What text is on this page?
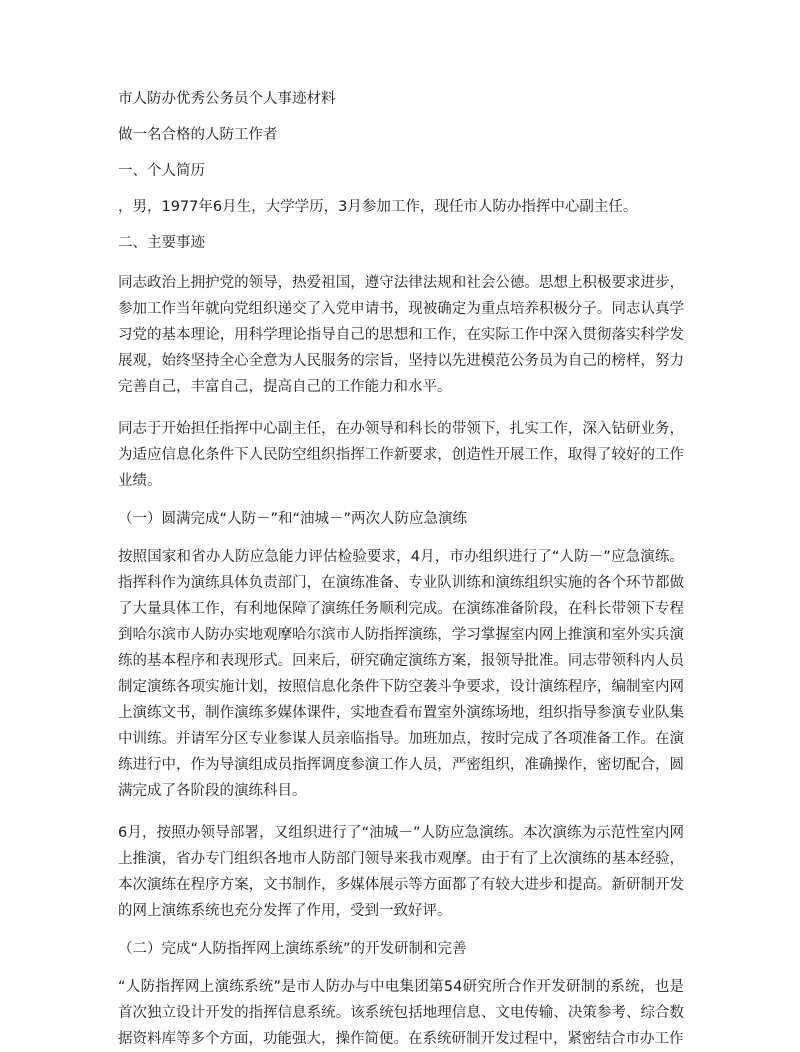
市人防办优秀公务员个人事迹材料

做一名合格的人防工作者

一、个人简历

，男，1977年6月生，大学学历，3月参加工作，现任市人防办指挥中心副主任。

二、主要事迹

同志政治上拥护党的领导，热爱祖国，遵守法律法规和社会公德。思想上积极要求进步，参加工作当年就向党组织递交了入党申请书，现被确定为重点培养积极分子。同志认真学习党的基本理论，用科学理论指导自己的思想和工作，在实际工作中深入贯彻落实科学发展观，始终坚持全心全意为人民服务的宗旨，坚持以先进模范公务员为自己的榜样，努力完善自己，丰富自己，提高自己的工作能力和水平。

同志于开始担任指挥中心副主任，在办领导和科长的带领下，扎实工作，深入钻研业务，为适应信息化条件下人民防空组织指挥工作新要求，创造性开展工作，取得了较好的工作业绩。

（一）圆满完成“人防－”和“油城－”两次人防应急演练

按照国家和省办人防应急能力评估检验要求，4月，市办组织进行了“人防－”应急演练。指挥科作为演练具体负责部门，在演练准备、专业队训练和演练组织实施的各个环节都做了大量具体工作，有利地保障了演练任务顺利完成。在演练准备阶段，在科长带领下专程到哈尔滨市人防办实地观摩哈尔滨市人防指挥演练，学习掌握室内网上推演和室外实兵演练的基本程序和表现形式。回来后，研究确定演练方案，报领导批准。同志带领科内人员制定演练各项实施计划，按照信息化条件下防空袭斗争要求，设计演练程序，编制室内网上演练文书，制作演练多媒体课件，实地查看布置室外演练场地，组织指导参演专业队集中训练。并请军分区专业参谋人员亲临指导。加班加点，按时完成了各项准备工作。在演练进行中，作为导演组成员指挥调度参演工作人员，严密组织，准确操作，密切配合，圆满完成了各阶段的演练科目。

6月，按照办领导部署，又组织进行了“油城－”人防应急演练。本次演练为示范性室内网上推演，省办专门组织各地市人防部门领导来我市观摩。由于有了上次演练的基本经验，本次演练在程序方案，文书制作，多媒体展示等方面都了有较大进步和提高。新研制开发的网上演练系统也充分发挥了作用，受到一致好评。

（二）完成“人防指挥网上演练系统”的开发研制和完善

“人防指挥网上演练系统”是市人防办与中电集团第54研究所合作开发研制的系统，也是首次独立设计开发的指挥信息系统。该系统包括地理信息、文电传输、决策参考、综合数据资料库等多个方面，功能强大，操作简便。在系统研制开发过程中，紧密结合市办工作
